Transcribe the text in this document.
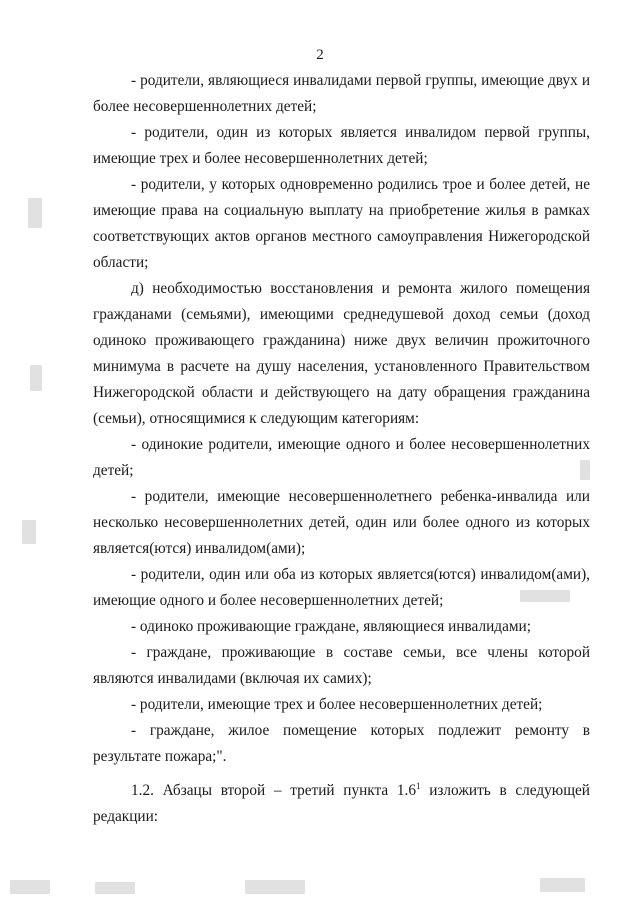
2

- родители, являющиеся инвалидами первой группы, имеющие двух и более несовершеннолетних детей;

- родители, один из которых является инвалидом первой группы, имеющие трех и более несовершеннолетних детей;

- родители, у которых одновременно родились трое и более детей, не имеющие права на социальную выплату на приобретение жилья в рамках соответствующих актов органов местного самоуправления Нижегородской области;

д) необходимостью восстановления и ремонта жилого помещения гражданами (семьями), имеющими среднедушевой доход семьи (доход одиноко проживающего гражданина) ниже двух величин прожиточного минимума в расчете на душу населения, установленного Правительством Нижегородской области и действующего на дату обращения гражданина (семьи), относящимися к следующим категориям:

- одинокие родители, имеющие одного и более несовершеннолетних детей;

- родители, имеющие несовершеннолетнего ребенка-инвалида или несколько несовершеннолетних детей, один или более одного из которых является(ются) инвалидом(ами);

- родители, один или оба из которых является(ются) инвалидом(ами), имеющие одного и более несовершеннолетних детей;

- одиноко проживающие граждане, являющиеся инвалидами;

- граждане, проживающие в составе семьи, все члены которой являются инвалидами (включая их самих);

- родители, имеющие трех и более несовершеннолетних детей;

- граждане, жилое помещение которых подлежит ремонту в результате пожара;".

1.2. Абзацы второй – третий пункта $1.6^1$ изложить в следующей редакции:
